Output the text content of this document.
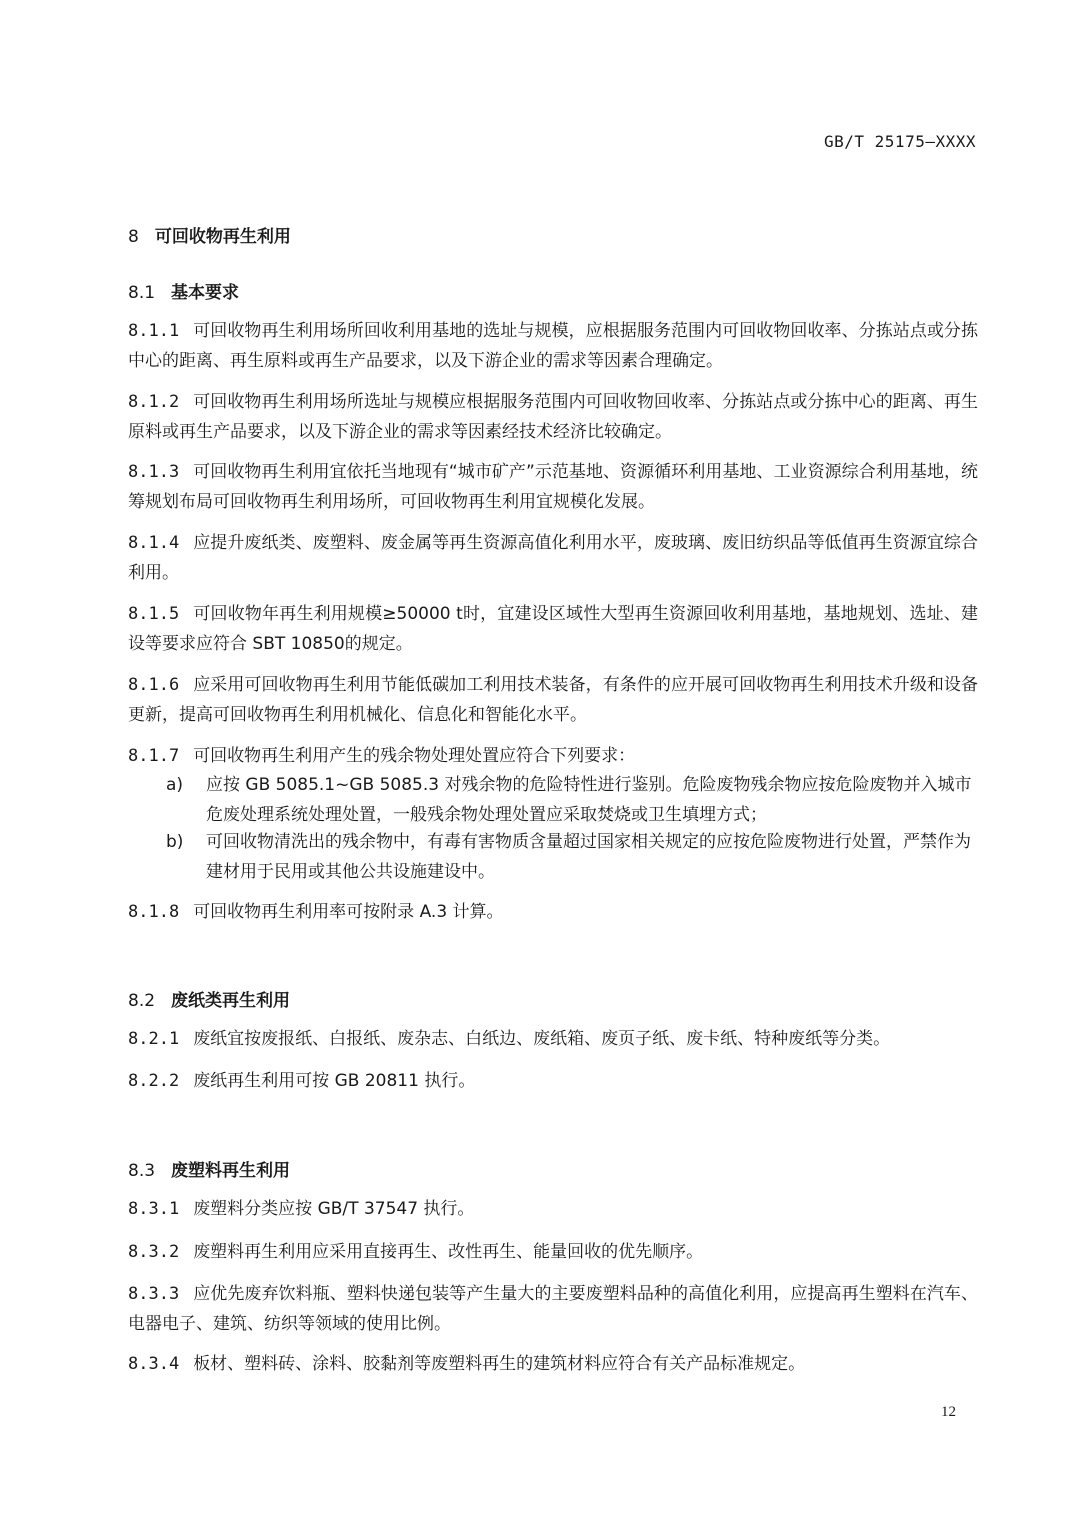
GB/T 25175—XXXX
8 可回收物再生利用
8.1 基本要求
8.1.1 可回收物再生利用场所回收利用基地的选址与规模，应根据服务范围内可回收物回收率、分拣站点或分拣中心的距离、再生原料或再生产品要求，以及下游企业的需求等因素合理确定。
8.1.2 可回收物再生利用场所选址与规模应根据服务范围内可回收物回收率、分拣站点或分拣中心的距离、再生原料或再生产品要求，以及下游企业的需求等因素经技术经济比较确定。
8.1.3 可回收物再生利用宜依托当地现有“城市矿产”示范基地、资源循环利用基地、工业资源综合利用基地，统筹规划布局可回收物再生利用场所，可回收物再生利用宜规模化发展。
8.1.4 应提升废纸类、废塑料、废金属等再生资源高值化利用水平，废玻璃、废旧纺织品等低值再生资源宜综合利用。
8.1.5 可回收物年再生利用规模≥50000 t时，宜建设区域性大型再生资源回收利用基地，基地规划、选址、建设等要求应符合 SBT 10850的规定。
8.1.6 应采用可回收物再生利用节能低碳加工利用技术装备，有条件的应开展可回收物再生利用技术升级和设备更新，提高可回收物再生利用机械化、信息化和智能化水平。
8.1.7 可回收物再生利用产生的残余物处理处置应符合下列要求：
a) 应按 GB 5085.1~GB 5085.3 对残余物的危险特性进行鉴别。危险废物残余物应按危险废物并入城市危废处理系统处理处置，一般残余物处理处置应采取焚烧或卫生填埋方式；
b) 可回收物清洗出的残余物中，有毒有害物质含量超过国家相关规定的应按危险废物进行处置，严禁作为建材用于民用或其他公共设施建设中。
8.1.8 可回收物再生利用率可按附录 A.3 计算。
8.2 废纸类再生利用
8.2.1 废纸宜按废报纸、白报纸、废杂志、白纸边、废纸箱、废页子纸、废卡纸、特种废纸等分类。
8.2.2 废纸再生利用可按 GB 20811 执行。
8.3 废塑料再生利用
8.3.1 废塑料分类应按 GB/T 37547 执行。
8.3.2 废塑料再生利用应采用直接再生、改性再生、能量回收的优先顺序。
8.3.3 应优先废弃饮料瓶、塑料快递包装等产生量大的主要废塑料品种的高值化利用，应提高再生塑料在汽车、电器电子、建筑、纺织等领域的使用比例。
8.3.4 板材、塑料砖、涂料、胶黏剂等废塑料再生的建筑材料应符合有关产品标准规定。
12
